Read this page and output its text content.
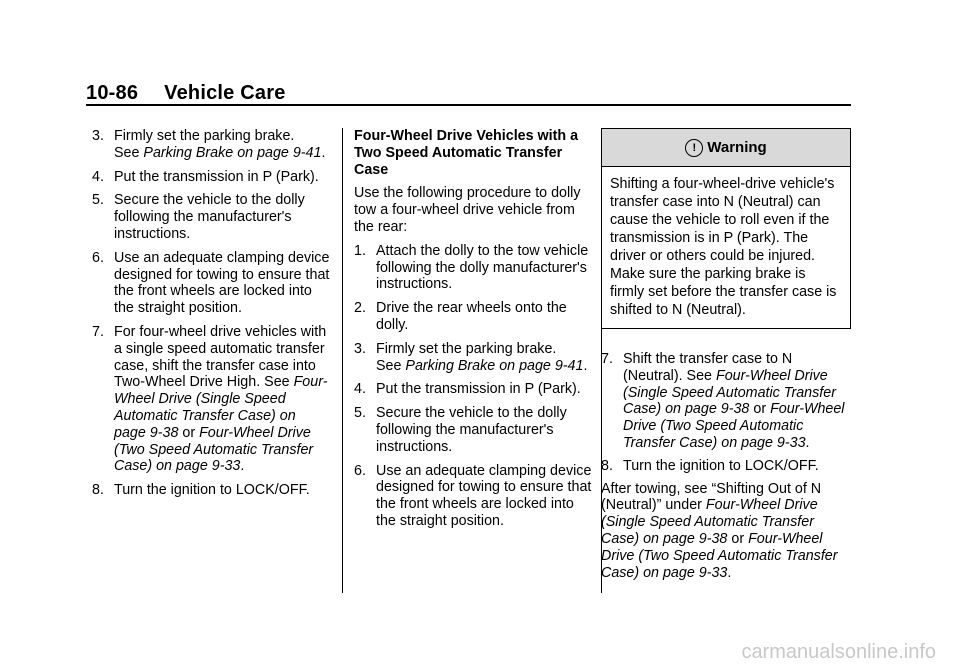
10-86 Vehicle Care
3. Firmly set the parking brake.
See Parking Brake on page 9-41.
4. Put the transmission in P (Park).
5. Secure the vehicle to the dolly following the manufacturer's instructions.
6. Use an adequate clamping device designed for towing to ensure that the front wheels are locked into the straight position.
7. For four-wheel drive vehicles with a single speed automatic transfer case, shift the transfer case into Two-Wheel Drive High. See Four-Wheel Drive (Single Speed Automatic Transfer Case) on page 9-38 or Four-Wheel Drive (Two Speed Automatic Transfer Case) on page 9-33.
8. Turn the ignition to LOCK/OFF.
Four-Wheel Drive Vehicles with a Two Speed Automatic Transfer Case
Use the following procedure to dolly tow a four-wheel drive vehicle from the rear:
1. Attach the dolly to the tow vehicle following the dolly manufacturer's instructions.
2. Drive the rear wheels onto the dolly.
3. Firmly set the parking brake.
See Parking Brake on page 9-41.
4. Put the transmission in P (Park).
5. Secure the vehicle to the dolly following the manufacturer's instructions.
6. Use an adequate clamping device designed for towing to ensure that the front wheels are locked into the straight position.
! Warning
Shifting a four-wheel-drive vehicle's transfer case into N (Neutral) can cause the vehicle to roll even if the transmission is in P (Park). The driver or others could be injured. Make sure the parking brake is firmly set before the transfer case is shifted to N (Neutral).
7. Shift the transfer case to N (Neutral). See Four-Wheel Drive (Single Speed Automatic Transfer Case) on page 9-38 or Four-Wheel Drive (Two Speed Automatic Transfer Case) on page 9-33.
8. Turn the ignition to LOCK/OFF.
After towing, see “Shifting Out of N (Neutral)” under Four-Wheel Drive (Single Speed Automatic Transfer Case) on page 9-38 or Four-Wheel Drive (Two Speed Automatic Transfer Case) on page 9-33.
carmanualsonline.info
